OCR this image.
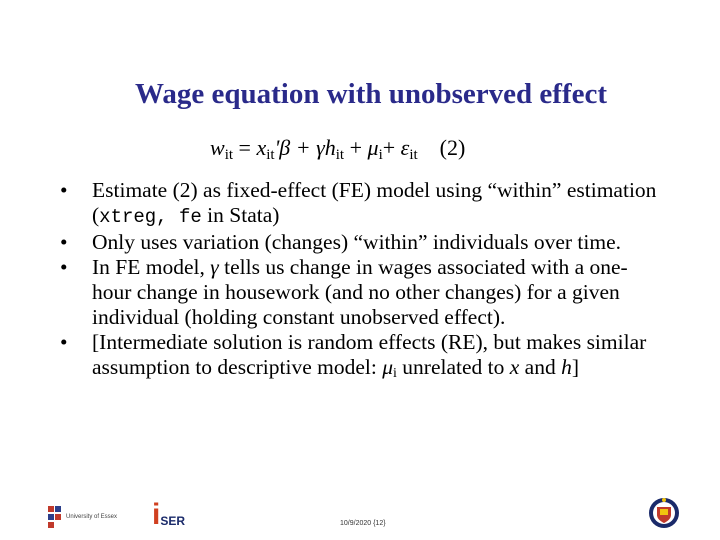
Wage equation with unobserved effect
$w_{it} = x_{it}'\beta + \gamma h_{it} + \mu_i+ \varepsilon_{it}$ (2)
• Estimate (2) as fixed-effect (FE) model using “within” estimation (xtreg, fe in Stata)
• Only uses variation (changes) “within” individuals over time.
• In FE model, γ tells us change in wages associated with a one-hour change in housework (and no other changes) for a given individual (holding constant unobserved effect).
• [Intermediate solution is random effects (RE), but makes similar assumption to descriptive model: $\mu_i$ unrelated to x and h]
University of Essex i SER	10/9/2020 {12}
